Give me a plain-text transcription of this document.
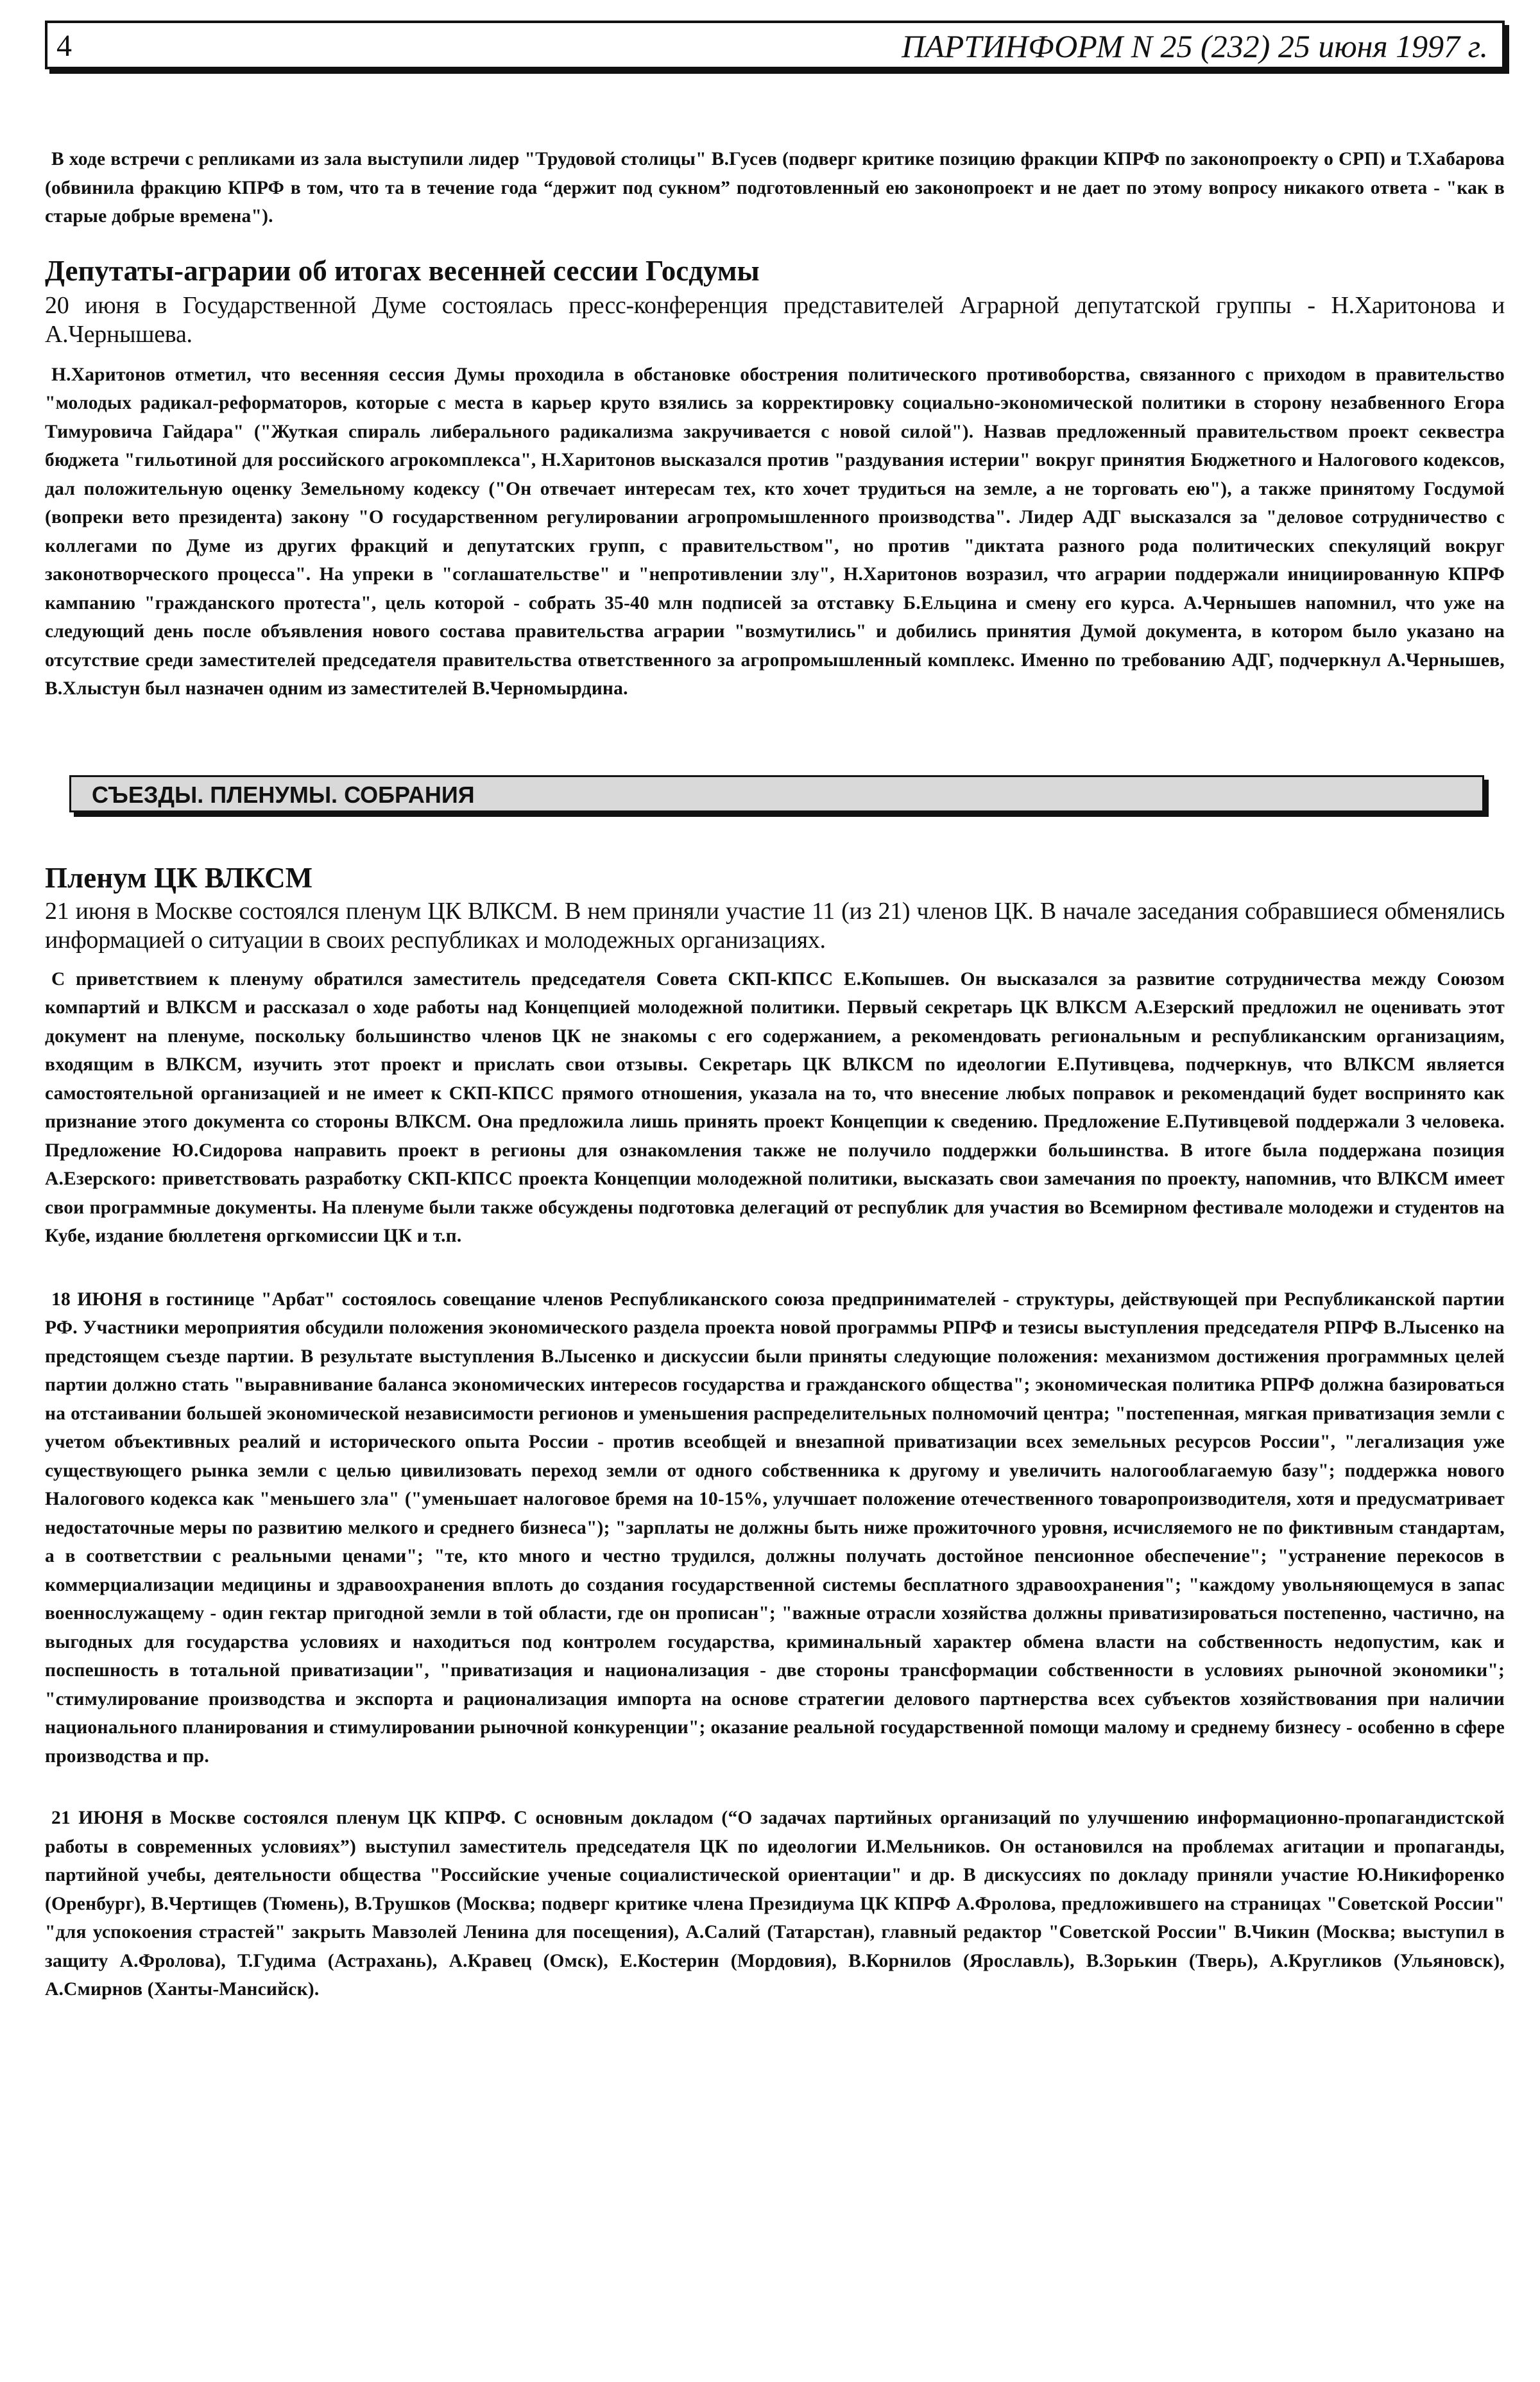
4	ПАРТИНФОРМ N 25 (232) 25 июня 1997 г.

В ходе встречи с репликами из зала выступили лидер "Трудовой столицы" В.Гусев (подверг критике позицию фракции КПРФ по законопроекту о СРП) и Т.Хабарова (обвинила фракцию КПРФ в том, что та в течение года “держит под сукном” подготовленный ею законопроект и не дает по этому вопросу никакого ответа - "как в старые добрые времена").

Депутаты-аграрии об итогах весенней сессии Госдумы

20 июня в Государственной Думе состоялась пресс-конференция представителей Аграрной депутатской группы - Н.Харитонова и А.Чернышева.

Н.Харитонов отметил, что весенняя сессия Думы проходила в обстановке обострения политического противоборства, связанного с приходом в правительство "молодых радикал-реформаторов, которые с места в карьер круто взялись за корректировку социально-экономической политики в сторону незабвенного Егора Тимуровича Гайдара" ("Жуткая спираль либерального радикализма закручивается с новой силой"). Назвав предложенный правительством проект секвестра бюджета "гильотиной для российского агрокомплекса", Н.Харитонов высказался против "раздувания истерии" вокруг принятия Бюджетного и Налогового кодексов, дал положительную оценку Земельному кодексу ("Он отвечает интересам тех, кто хочет трудиться на земле, а не торговать ею"), а также принятому Госдумой (вопреки вето президента) закону "О государственном регулировании агропромышленного производства". Лидер АДГ высказался за "деловое сотрудничество с коллегами по Думе из других фракций и депутатских групп, с правительством", но против "диктата разного рода политических спекуляций вокруг законотворческого процесса". На упреки в "соглашательстве" и "непротивлении злу", Н.Харитонов возразил, что аграрии поддержали инициированную КПРФ кампанию "гражданского протеста", цель которой - собрать 35-40 млн подписей за отставку Б.Ельцина и смену его курса. А.Чернышев напомнил, что уже на следующий день после объявления нового состава правительства аграрии "возмутились" и добились принятия Думой документа, в котором было указано на отсутствие среди заместителей председателя правительства ответственного за агропромышленный комплекс. Именно по требованию АДГ, подчеркнул А.Чернышев, В.Хлыстун был назначен одним из заместителей В.Черномырдина.

СЪЕЗДЫ. ПЛЕНУМЫ. СОБРАНИЯ
Пленум ЦК ВЛКСМ

21 июня в Москве состоялся пленум ЦК ВЛКСМ. В нем приняли участие 11 (из 21) членов ЦК. В начале заседания собравшиеся обменялись информацией о ситуации в своих республиках и молодежных организациях.

С приветствием к пленуму обратился заместитель председателя Совета СКП-КПСС Е.Копышев. Он высказался за развитие сотрудничества между Союзом компартий и ВЛКСМ и рассказал о ходе работы над Концепцией молодежной политики. Первый секретарь ЦК ВЛКСМ А.Езерский предложил не оценивать этот документ на пленуме, поскольку большинство членов ЦК не знакомы с его содержанием, а рекомендовать региональным и республиканским организациям, входящим в ВЛКСМ, изучить этот проект и прислать свои отзывы. Секретарь ЦК ВЛКСМ по идеологии Е.Путивцева, подчеркнув, что ВЛКСМ является самостоятельной организацией и не имеет к СКП-КПСС прямого отношения, указала на то, что внесение любых поправок и рекомендаций будет воспринято как признание этого документа со стороны ВЛКСМ. Она предложила лишь принять проект Концепции к сведению. Предложение Е.Путивцевой поддержали 3 человека. Предложение Ю.Сидорова направить проект в регионы для ознакомления также не получило поддержки большинства. В итоге была поддержана позиция А.Езерского: приветствовать разработку СКП-КПСС проекта Концепции молодежной политики, высказать свои замечания по проекту, напомнив, что ВЛКСМ имеет свои программные документы. На пленуме были также обсуждены подготовка делегаций от республик для участия во Всемирном фестивале молодежи и студентов на Кубе, издание бюллетеня оргкомиссии ЦК и т.п.

18 ИЮНЯ в гостинице "Арбат" состоялось совещание членов Республиканского союза предпринимателей - структуры, действующей при Республиканской партии РФ. Участники мероприятия обсудили положения экономического раздела проекта новой программы РПРФ и тезисы выступления председателя РПРФ В.Лысенко на предстоящем съезде партии. В результате выступления В.Лысенко и дискуссии были приняты следующие положения: механизмом достижения программных целей партии должно стать "выравнивание баланса экономических интересов государства и гражданского общества"; экономическая политика РПРФ должна базироваться на отстаивании большей экономической независимости регионов и уменьшения распределительных полномочий центра; "постепенная, мягкая приватизация земли с учетом объективных реалий и исторического опыта России - против всеобщей и внезапной приватизации всех земельных ресурсов России", "легализация уже существующего рынка земли с целью цивилизовать переход земли от одного собственника к другому и увеличить налогооблагаемую базу"; поддержка нового Налогового кодекса как "меньшего зла" ("уменьшает налоговое бремя на 10-15%, улучшает положение отечественного товаропроизводителя, хотя и предусматривает недостаточные меры по развитию мелкого и среднего бизнеса"); "зарплаты не должны быть ниже прожиточного уровня, исчисляемого не по фиктивным стандартам, а в соответствии с реальными ценами"; "те, кто много и честно трудился, должны получать достойное пенсионное обеспечение"; "устранение перекосов в коммерциализации медицины и здравоохранения вплоть до создания государственной системы бесплатного здравоохранения"; "каждому увольняющемуся в запас военнослужащему - один гектар пригодной земли в той области, где он прописан"; "важные отрасли хозяйства должны приватизироваться постепенно, частично, на выгодных для государства условиях и находиться под контролем государства, криминальный характер обмена власти на собственность недопустим, как и поспешность в тотальной приватизации", "приватизация и национализация - две стороны трансформации собственности в условиях рыночной экономики"; "стимулирование производства и экспорта и рационализация импорта на основе стратегии делового партнерства всех субъектов хозяйствования при наличии национального планирования и стимулировании рыночной конкуренции"; оказание реальной государственной помощи малому и среднему бизнесу - особенно в сфере производства и пр.

21 ИЮНЯ в Москве состоялся пленум ЦК КПРФ. С основным докладом (“О задачах партийных организаций по улучшению информационно-пропагандистской работы в современных условиях”) выступил заместитель председателя ЦК по идеологии И.Мельников. Он остановился на проблемах агитации и пропаганды, партийной учебы, деятельности общества "Российские ученые социалистической ориентации" и др. В дискуссиях по докладу приняли участие Ю.Никифоренко (Оренбург), В.Чертищев (Тюмень), В.Трушков (Москва; подверг критике члена Президиума ЦК КПРФ А.Фролова, предложившего на страницах "Советской России" "для успокоения страстей" закрыть Мавзолей Ленина для посещения), А.Салий (Татарстан), главный редактор "Советской России" В.Чикин (Москва; выступил в защиту А.Фролова), Т.Гудима (Астрахань), А.Кравец (Омск), Е.Костерин (Мордовия), В.Корнилов (Ярославль), В.Зорькин (Тверь), А.Кругликов (Ульяновск), А.Смирнов (Ханты-Мансийск).
